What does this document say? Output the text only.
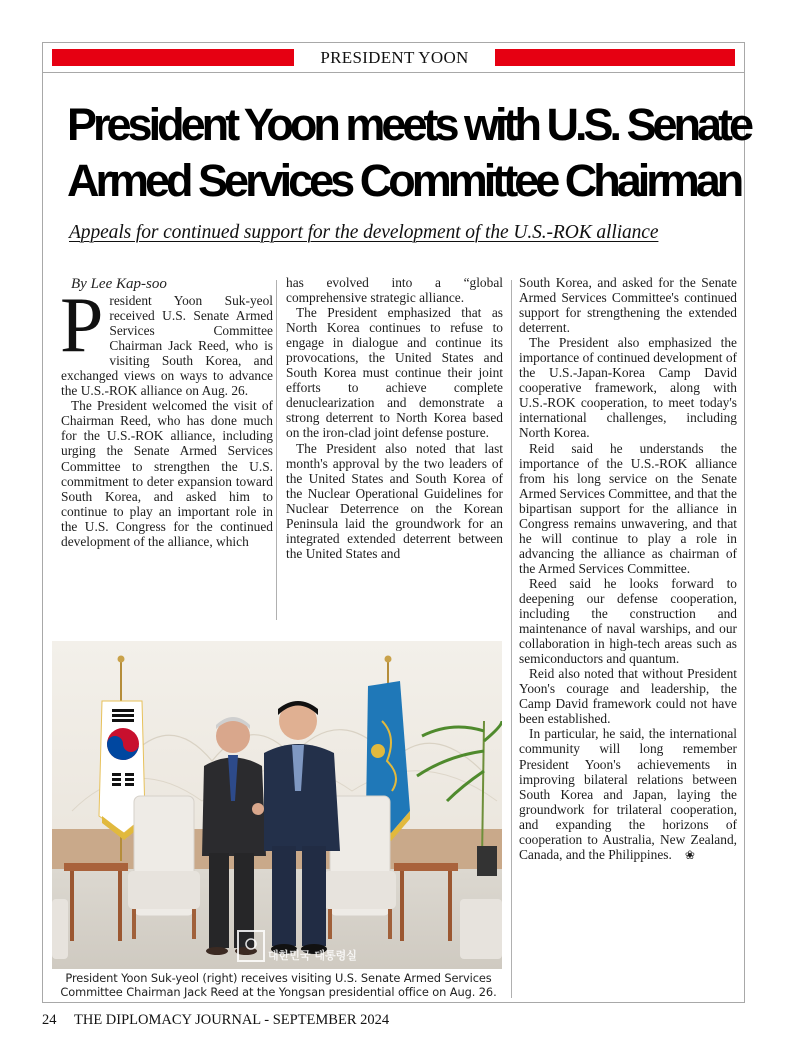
PRESIDENT YOON
President Yoon meets with U.S. Senate
Armed Services Committee Chairman
Appeals for continued support for the development of the U.S.-ROK alliance

By Lee Kap-soo

President Yoon Suk-yeol received U.S. Senate Armed Services Committee Chairman Jack Reed, who is visiting South Korea, and exchanged views on ways to advance the U.S.-ROK alliance on Aug. 26.

The President welcomed the visit of Chairman Reed, who has done much for the U.S.-ROK alliance, including urging the Senate Armed Services Committee to strengthen the U.S. commitment to deter expansion toward South Korea, and asked him to continue to play an important role in the U.S. Congress for the continued development of the alliance, which

has evolved into a “global comprehensive strategic alliance.

The President emphasized that as North Korea continues to refuse to engage in dialogue and continue its provocations, the United States and South Korea must continue their joint efforts to achieve complete denuclearization and demonstrate a strong deterrent to North Korea based on the iron-clad joint defense posture.

The President also noted that last month's approval by the two leaders of the United States and South Korea of the Nuclear Operational Guidelines for Nuclear Deterrence on the Korean Peninsula laid the groundwork for an integrated extended deterrent between the United States and

South Korea, and asked for the Senate Armed Services Committee's continued support for strengthening the extended deterrent.

The President also emphasized the importance of continued development of the U.S.-Japan-Korea Camp David cooperative framework, along with U.S.-ROK cooperation, to meet today's international challenges, including North Korea.

Reid said he understands the importance of the U.S.-ROK alliance from his long service on the Senate Armed Services Committee, and that the bipartisan support for the alliance in Congress remains unwavering, and that he will continue to play a role in advancing the alliance as chairman of the Armed Services Committee.

Reed said he looks forward to deepening our defense cooperation, including the construction and maintenance of naval warships, and our collaboration in high-tech areas such as semiconductors and quantum.

Reid also noted that without President Yoon's courage and leadership, the Camp David framework could not have been established.

In particular, he said, the international community will long remember President Yoon's achievements in improving bilateral relations between South Korea and Japan, laying the groundwork for trilateral cooperation, and expanding the horizons of cooperation to Australia, New Zealand, Canada, and the Philippines. ❀

대한민국 대통령실
President Yoon Suk-yeol (right) receives visiting U.S. Senate Armed Services
Committee Chairman Jack Reed at the Yongsan presidential office on Aug. 26.
24 THE DIPLOMACY JOURNAL - SEPTEMBER 2024
